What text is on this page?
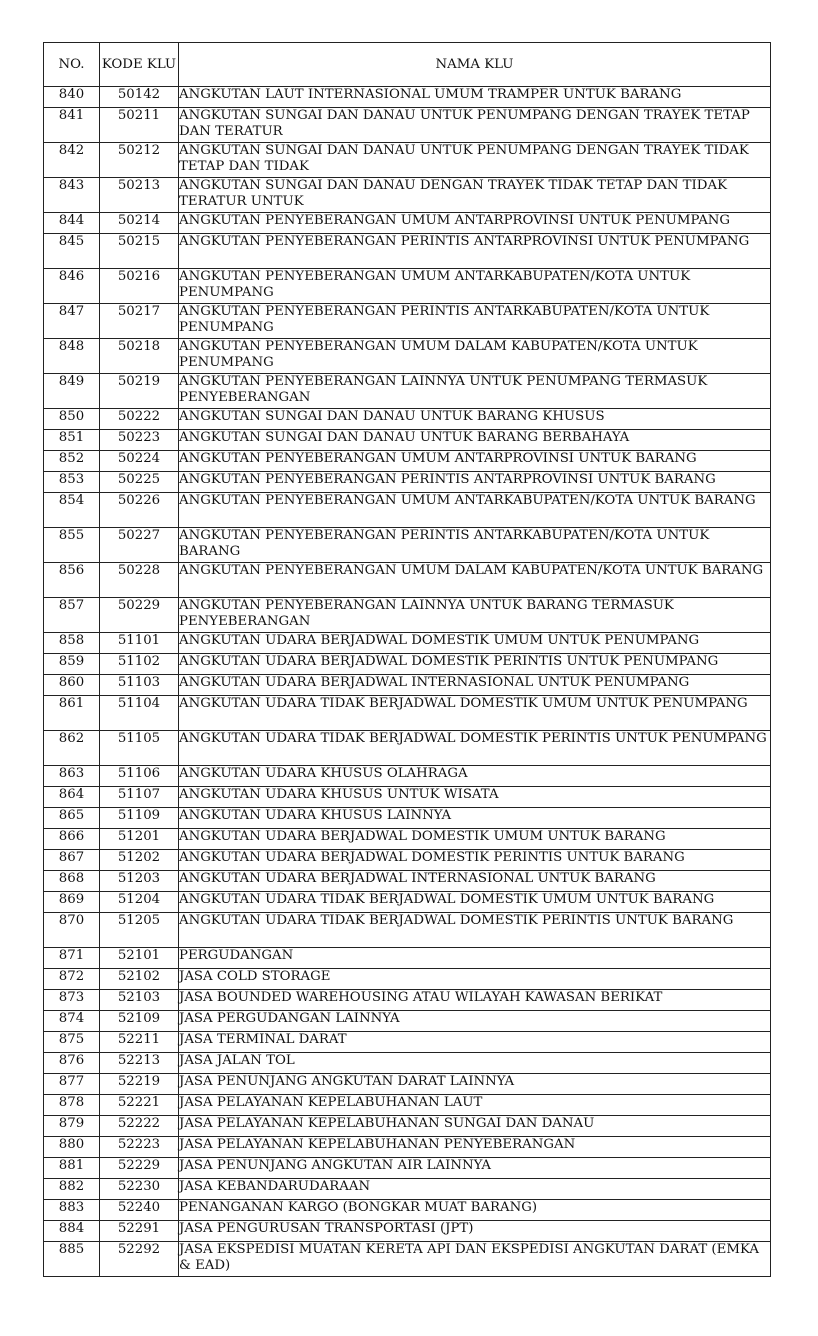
NO.	KODE KLU	NAMA KLU
840	50142	ANGKUTAN LAUT INTERNASIONAL UMUM TRAMPER UNTUK BARANG
841	50211	ANGKUTAN SUNGAI DAN DANAU UNTUK PENUMPANG DENGAN TRAYEK TETAP DAN TERATUR
842	50212	ANGKUTAN SUNGAI DAN DANAU UNTUK PENUMPANG DENGAN TRAYEK TIDAK TETAP DAN TIDAK
843	50213	ANGKUTAN SUNGAI DAN DANAU DENGAN TRAYEK TIDAK TETAP DAN TIDAK TERATUR UNTUK
844	50214	ANGKUTAN PENYEBERANGAN UMUM ANTARPROVINSI UNTUK PENUMPANG
845	50215	ANGKUTAN PENYEBERANGAN PERINTIS ANTARPROVINSI UNTUK PENUMPANG
846	50216	ANGKUTAN PENYEBERANGAN UMUM ANTARKABUPATEN/KOTA UNTUK PENUMPANG
847	50217	ANGKUTAN PENYEBERANGAN PERINTIS ANTARKABUPATEN/KOTA UNTUK PENUMPANG
848	50218	ANGKUTAN PENYEBERANGAN UMUM DALAM KABUPATEN/KOTA UNTUK PENUMPANG
849	50219	ANGKUTAN PENYEBERANGAN LAINNYA UNTUK PENUMPANG TERMASUK PENYEBERANGAN
850	50222	ANGKUTAN SUNGAI DAN DANAU UNTUK BARANG KHUSUS
851	50223	ANGKUTAN SUNGAI DAN DANAU UNTUK BARANG BERBAHAYA
852	50224	ANGKUTAN PENYEBERANGAN UMUM ANTARPROVINSI UNTUK BARANG
853	50225	ANGKUTAN PENYEBERANGAN PERINTIS ANTARPROVINSI UNTUK BARANG
854	50226	ANGKUTAN PENYEBERANGAN UMUM ANTARKABUPATEN/KOTA UNTUK BARANG
855	50227	ANGKUTAN PENYEBERANGAN PERINTIS ANTARKABUPATEN/KOTA UNTUK BARANG
856	50228	ANGKUTAN PENYEBERANGAN UMUM DALAM KABUPATEN/KOTA UNTUK BARANG
857	50229	ANGKUTAN PENYEBERANGAN LAINNYA UNTUK BARANG TERMASUK PENYEBERANGAN
858	51101	ANGKUTAN UDARA BERJADWAL DOMESTIK UMUM UNTUK PENUMPANG
859	51102	ANGKUTAN UDARA BERJADWAL DOMESTIK PERINTIS UNTUK PENUMPANG
860	51103	ANGKUTAN UDARA BERJADWAL INTERNASIONAL UNTUK PENUMPANG
861	51104	ANGKUTAN UDARA TIDAK BERJADWAL DOMESTIK UMUM UNTUK PENUMPANG
862	51105	ANGKUTAN UDARA TIDAK BERJADWAL DOMESTIK PERINTIS UNTUK PENUMPANG
863	51106	ANGKUTAN UDARA KHUSUS OLAHRAGA
864	51107	ANGKUTAN UDARA KHUSUS UNTUK WISATA
865	51109	ANGKUTAN UDARA KHUSUS LAINNYA
866	51201	ANGKUTAN UDARA BERJADWAL DOMESTIK UMUM UNTUK BARANG
867	51202	ANGKUTAN UDARA BERJADWAL DOMESTIK PERINTIS UNTUK BARANG
868	51203	ANGKUTAN UDARA BERJADWAL INTERNASIONAL UNTUK BARANG
869	51204	ANGKUTAN UDARA TIDAK BERJADWAL DOMESTIK UMUM UNTUK BARANG
870	51205	ANGKUTAN UDARA TIDAK BERJADWAL DOMESTIK PERINTIS UNTUK BARANG
871	52101	PERGUDANGAN
872	52102	JASA COLD STORAGE
873	52103	JASA BOUNDED WAREHOUSING ATAU WILAYAH KAWASAN BERIKAT
874	52109	JASA PERGUDANGAN LAINNYA
875	52211	JASA TERMINAL DARAT
876	52213	JASA JALAN TOL
877	52219	JASA PENUNJANG ANGKUTAN DARAT LAINNYA
878	52221	JASA PELAYANAN KEPELABUHANAN LAUT
879	52222	JASA PELAYANAN KEPELABUHANAN SUNGAI DAN DANAU
880	52223	JASA PELAYANAN KEPELABUHANAN PENYEBERANGAN
881	52229	JASA PENUNJANG ANGKUTAN AIR LAINNYA
882	52230	JASA KEBANDARUDARAAN
883	52240	PENANGANAN KARGO (BONGKAR MUAT BARANG)
884	52291	JASA PENGURUSAN TRANSPORTASI (JPT)
885	52292	JASA EKSPEDISI MUATAN KERETA API DAN EKSPEDISI ANGKUTAN DARAT (EMKA & EAD)
